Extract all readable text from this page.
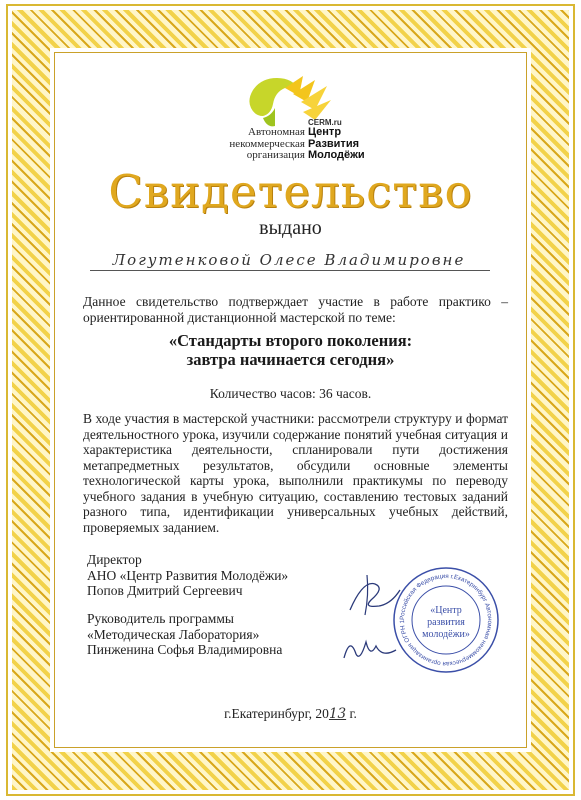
CERM.ru
Автономная
некоммерческая
организация
Центр
Развития
Молодёжи
Свидетельство
выдано
Логутенковой Олесе Владимировне
Данное свидетельство подтверждает участие в работе практико – ориентированной дистанционной мастерской по теме:
«Стандарты второго поколения:
завтра начинается сегодня»
Количество часов: 36 часов.
В ходе участия в мастерской участники: рассмотрели структуру и формат деятельностного урока, изучили содержание понятий учебная ситуация и характеристика деятельности, спланировали пути достижения метапредметных результатов, обсудили основные элементы технологической карты урока, выполнили практикумы по переводу учебного задания в учебную ситуацию, составлению тестовых заданий разного типа, идентификации универсальных учебных действий, проверяемых заданием.
Директор
АНО «Центр Развития Молодёжи»
Попов Дмитрий Сергеевич
Руководитель программы
«Методическая Лаборатория»
Пинженина Софья Владимировна
Российская Федерация г.Екатеринбург Автономная некоммерческая организация ОГРН 1
«Центр
развития
молодёжи»
г.Екатеринбург, 2013 г.
